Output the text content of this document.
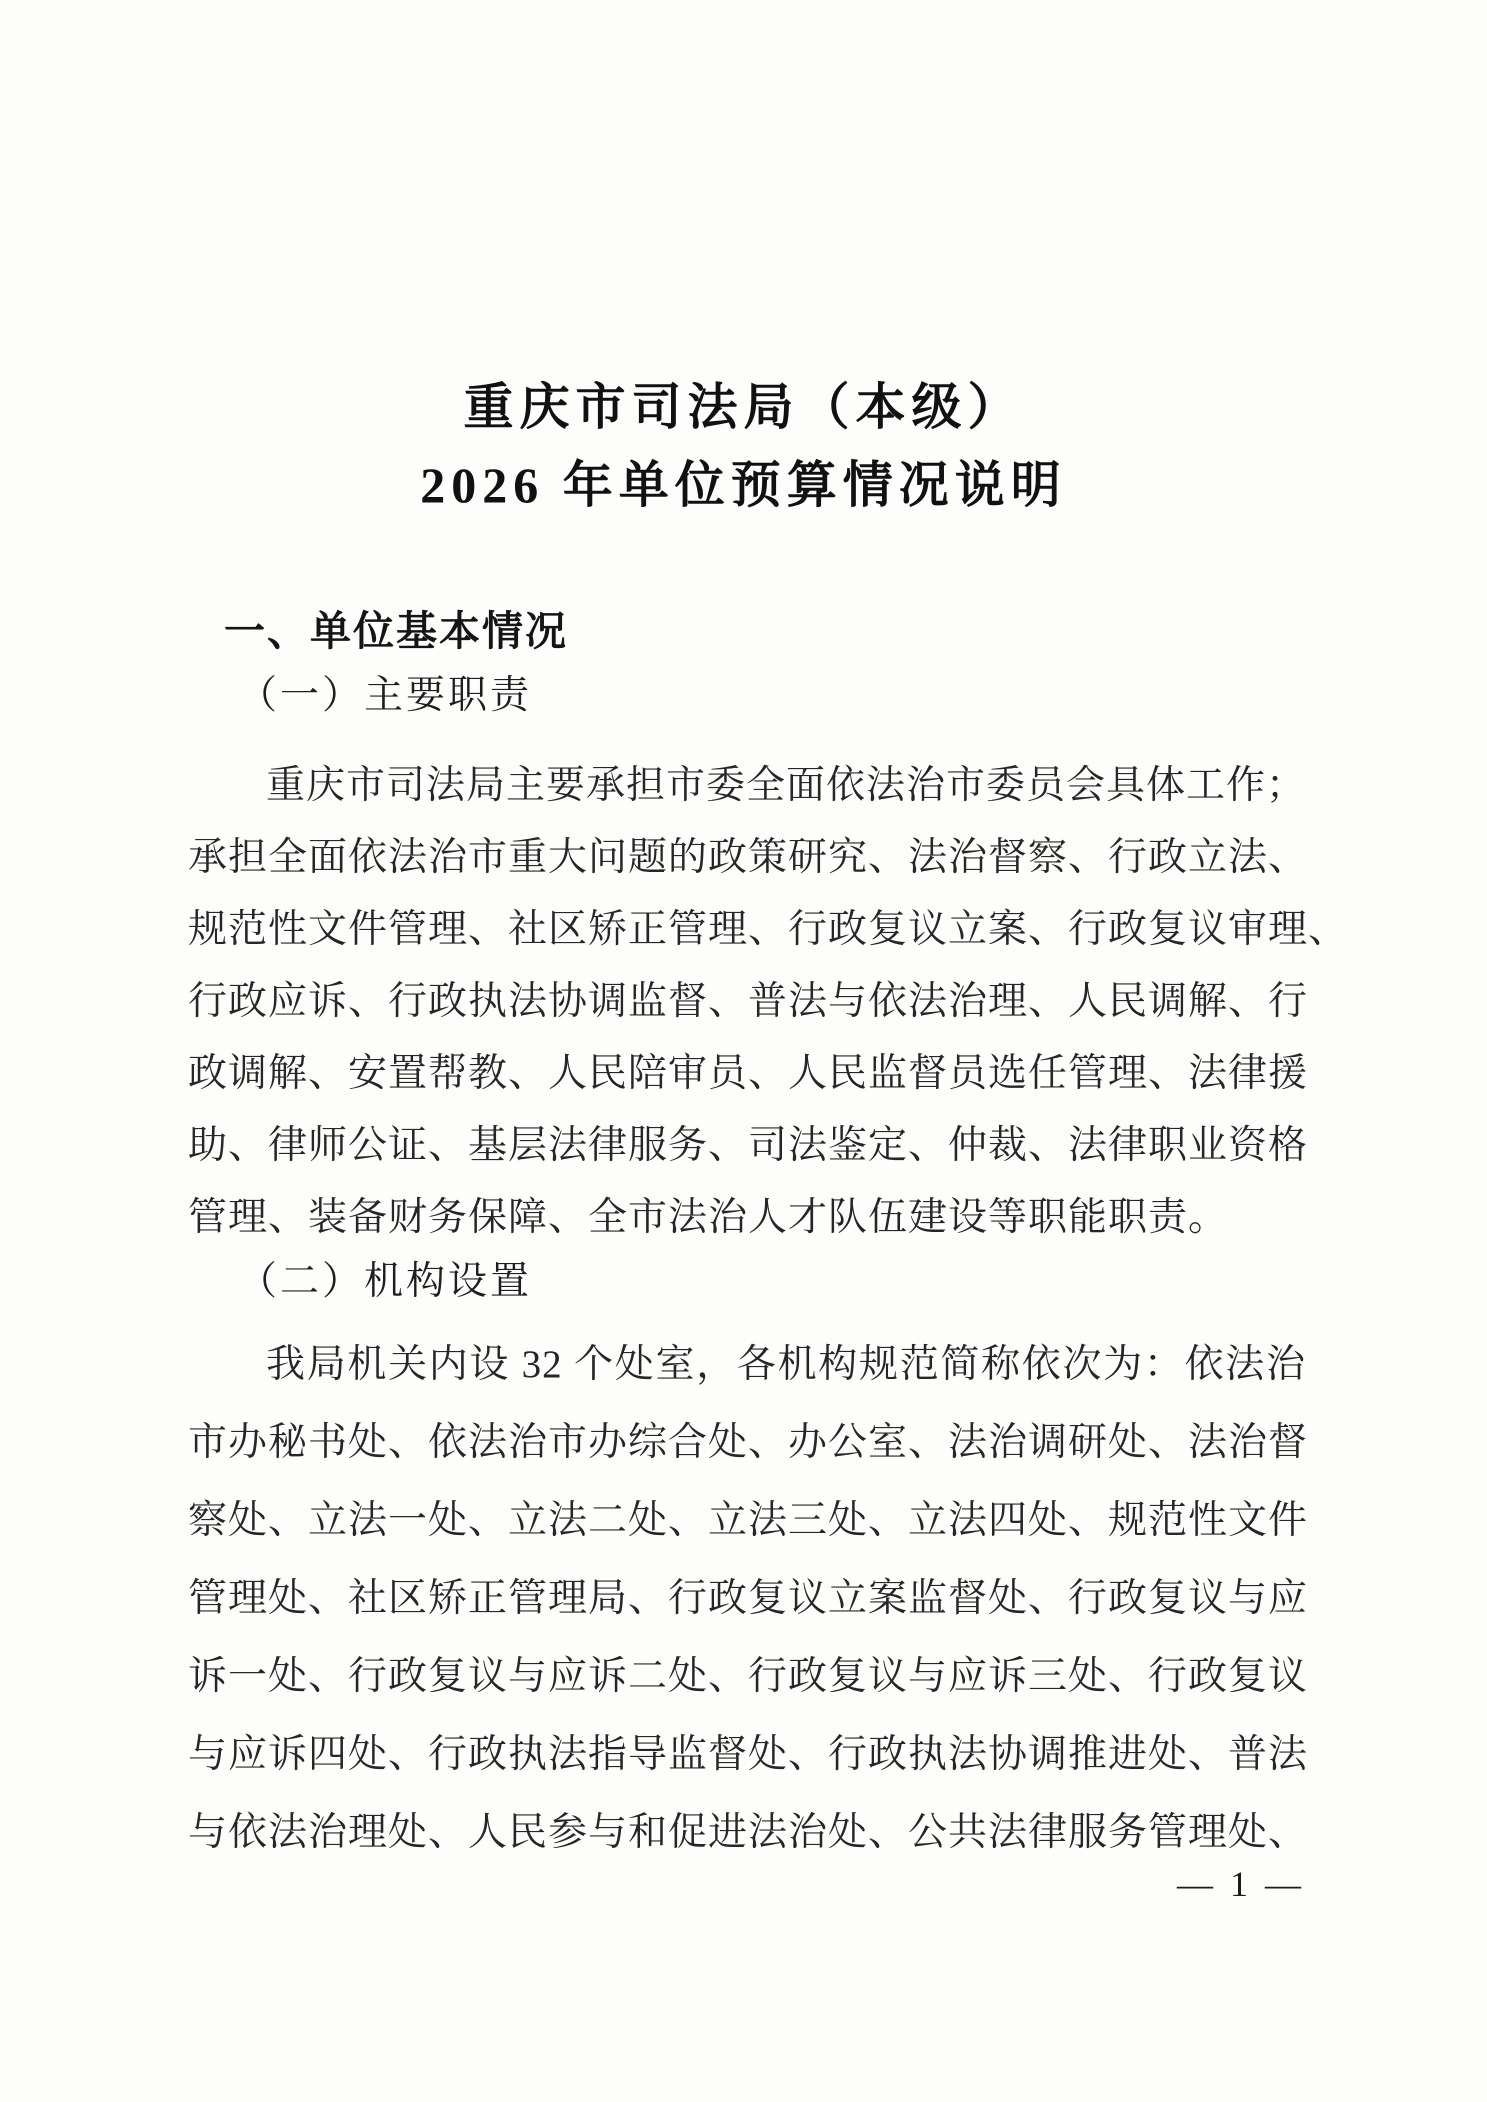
重庆市司法局（本级）
2026 年单位预算情况说明
一、单位基本情况
（一）主要职责
重庆市司法局主要承担市委全面依法治市委员会具体工作；
承担全面依法治市重大问题的政策研究、法治督察、行政立法、
规范性文件管理、社区矫正管理、行政复议立案、行政复议审理、
行政应诉、行政执法协调监督、普法与依法治理、人民调解、行
政调解、安置帮教、人民陪审员、人民监督员选任管理、法律援
助、律师公证、基层法律服务、司法鉴定、仲裁、法律职业资格
管理、装备财务保障、全市法治人才队伍建设等职能职责。
（二）机构设置
我局机关内设 32 个处室，各机构规范简称依次为：依法治
市办秘书处、依法治市办综合处、办公室、法治调研处、法治督
察处、立法一处、立法二处、立法三处、立法四处、规范性文件
管理处、社区矫正管理局、行政复议立案监督处、行政复议与应
诉一处、行政复议与应诉二处、行政复议与应诉三处、行政复议
与应诉四处、行政执法指导监督处、行政执法协调推进处、普法
与依法治理处、人民参与和促进法治处、公共法律服务管理处、
— 1 —
